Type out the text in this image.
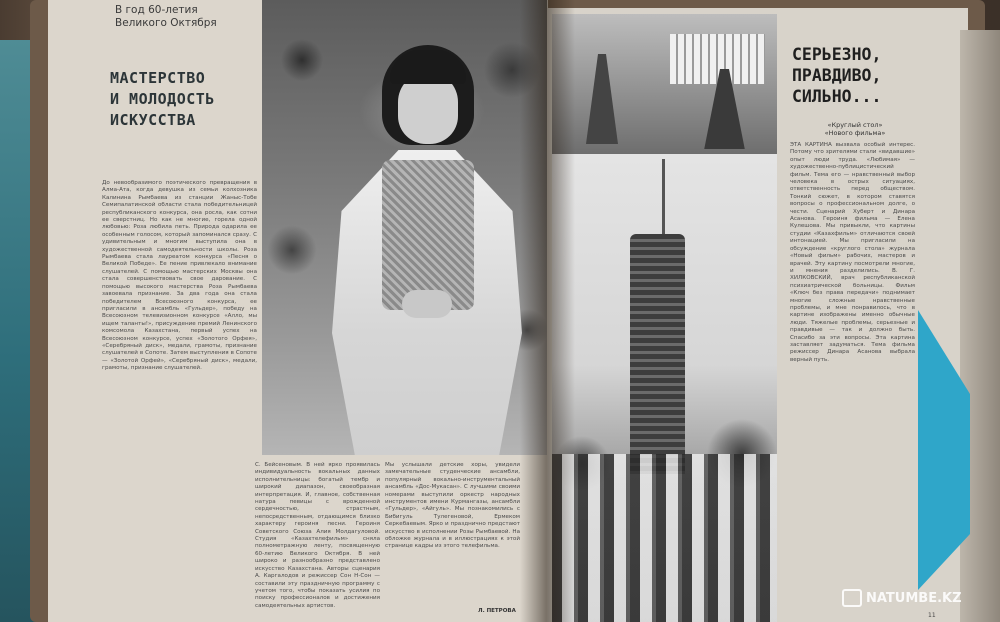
В год 60-летия
Великого Октября
МАСТЕРСТВО
И МОЛОДОСТЬ
ИСКУССТВА
До невообразимого поэтического превращения в Алма-Ата, когда девушка из семьи колхозника Калинина Рымбаева из станции Жаныс-Тобе Семипалатинской области стала победительницей республиканского конкурса, она росла, как сотни ее сверстниц. Но как не многие, горела одной любовью: Роза любила петь. Природа одарила ее особенным голосом, который запоминался сразу. С удивительным и многим выступила она в художественной самодеятельности школы. Роза Рымбаева стала лауреатом конкурса «Песня о Великой Победе». Ее пение привлекало внимание слушателей. С помощью мастерских Москвы она стала совершенствовать свое дарование. С помощью высокого мастерства Роза Рымбаева завоевала признание. За два года она стала победителем Всесоюзного конкурса, ее пригласили в ансамбль «Гульдер», победу на Всесоюзном телевизионном конкурсе «Алло, мы ищем таланты!», присуждение премий Ленинского комсомола Казахстана, первый успех на Всесоюзном конкурсе, успех «Золотого Орфея», «Серебряный диск», медали, грамоты, признание слушателей в Сопоте. Затем выступления в Сопоте — «Золотой Орфей», «Серебряный диск», медали, грамоты, признание слушателей.
С. Бейсеновым. В ней ярко проявилась индивидуальность вокальных данных исполнительницы: богатый тембр и широкий диапазон, своеобразная интерпретация. И, главное, собственная натура певицы с врожденной сердечностью, страстным, непосредственным, отдающимся близко характеру героиня песни. Героиня Советского Союза Алия Молдагуловой. Студия «Казахтелефильм» сняла полнометражную ленту, посвященную 60-летию Великого Октября. В ней широко и разнообразно представлено искусство Казахстана. Авторы сценария А. Каргалодов и режиссер Сон Н-Сон — составили эту праздничную программу с учетом того, чтобы показать усилия по поиску профессионалов и достижения самодеятельных артистов.
Мы услышали детские хоры, увидели замечательные студенческие ансамбли, популярный вокально-инструментальный ансамбль «Дос-Мукасан». С лучшими своими номерами выступили оркестр народных инструментов имени Курмангазы, ансамбли «Гульдер», «Айгуль». Мы познакомились с Бибигуль Тулегеновой, Ермеком Серкебаевым. Ярко и празднично предстают искусство в исполнении Розы Рымбаевой. На обложке журнала и в иллюстрациях к этой странице кадры из этого телефильма.
Л. ПЕТРОВА
СЕРЬЕЗНО,
ПРАВДИВО,
СИЛЬНО...
«Круглый стол»
«Нового фильма»
ЭТА КАРТИНА вызвала особый интерес. Потому что зрителями стали «видавшие» опыт люди труда. «Любимая» — художественно-публицистический фильм. Тема его — нравственный выбор человека в острых ситуациях, ответственность перед обществом. Тонкий сюжет, в котором ставятся вопросы о профессиональном долге, о чести. Сценарий Хуберт и Динара Асанова. Героиня фильма — Елена Кулешова. Мы привыкли, что картины студии «Казахфильм» отличаются своей интонацией. Мы пригласили на обсуждение «круглого стола» журнала «Новый фильм» рабочих, мастеров и врачей. Эту картину посмотрели многие, и мнения разделились. В. Г. ХИЛКОВСКИЙ, врач республиканской психиатрической больницы. Фильм «Ключ без права передачи» поднимает многие сложные нравственные проблемы, и мне понравилось, что в картине изображены именно обычные люди. Тяжелые проблемы, серьезные и правдивые — так и должно быть. Спасибо за эти вопросы. Эта картина заставляет задуматься. Тема фильма режиссер Динара Асанова выбрала верный путь.
11
NATUMBE.KZ
